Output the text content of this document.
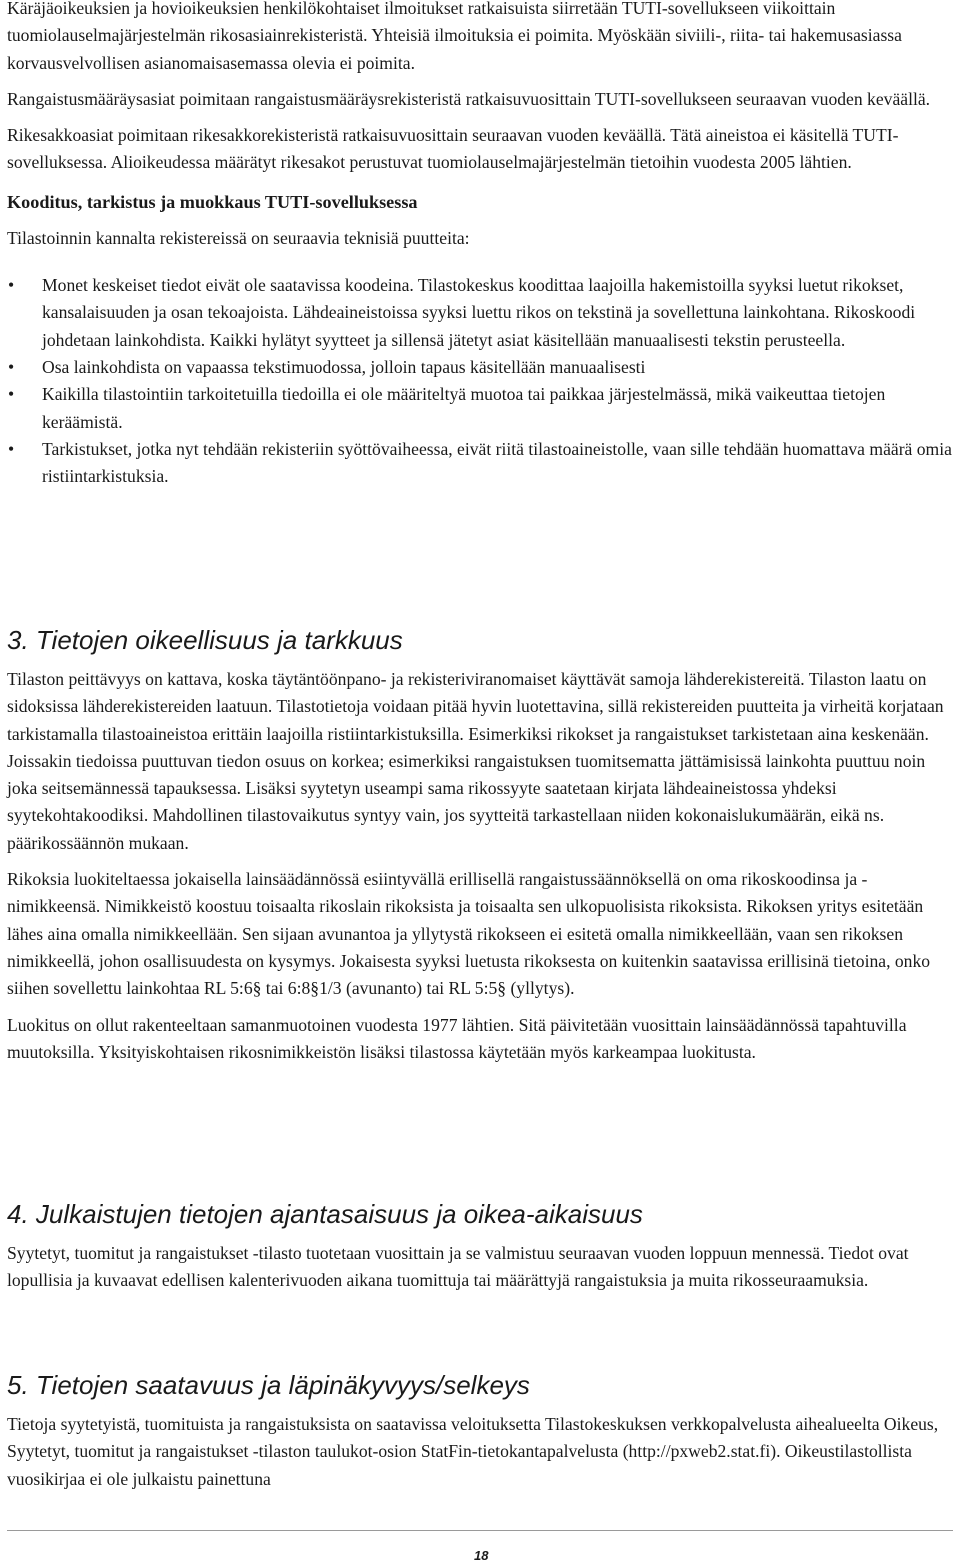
Käräjäoikeuksien ja hovioikeuksien henkilökohtaiset ilmoitukset ratkaisuista siirretään TUTI-sovellukseen viikoittain tuomiolauselmajärjestelmän rikosasiainrekisteristä. Yhteisiä ilmoituksia ei poimita. Myöskään siviili-, riita- tai hakemusasiassa korvausvelvollisen asianomaisasemassa olevia ei poimita.

Rangaistusmääräysasiat poimitaan rangaistusmääräysrekisteristä ratkaisuvuosittain TUTI-sovellukseen seuraavan vuoden keväällä.

Rikesakkoasiat poimitaan rikesakkorekisteristä ratkaisuvuosittain seuraavan vuoden keväällä. Tätä aineistoa ei käsitellä TUTI-sovelluksessa. Alioikeudessa määrätyt rikesakot perustuvat tuomiolauselmajärjestelmän tietoihin vuodesta 2005 lähtien.

Kooditus, tarkistus ja muokkaus TUTI-sovelluksessa

Tilastoinnin kannalta rekistereissä on seuraavia teknisiä puutteita:

• Monet keskeiset tiedot eivät ole saatavissa koodeina. Tilastokeskus koodittaa laajoilla hakemistoilla syyksi luetut rikokset, kansalaisuuden ja osan tekoajoista. Lähdeaineistoissa syyksi luettu rikos on tekstinä ja sovellettuna lainkohtana. Rikoskoodi johdetaan lainkohdista. Kaikki hylätyt syytteet ja sillensä jätetyt asiat käsitellään manuaalisesti tekstin perusteella.
• Osa lainkohdista on vapaassa tekstimuodossa, jolloin tapaus käsitellään manuaalisesti
• Kaikilla tilastointiin tarkoitetuilla tiedoilla ei ole määriteltyä muotoa tai paikkaa järjestelmässä, mikä vaikeuttaa tietojen keräämistä.
• Tarkistukset, jotka nyt tehdään rekisteriin syöttövaiheessa, eivät riitä tilastoaineistolle, vaan sille tehdään huomattava määrä omia ristiintarkistuksia.
3. Tietojen oikeellisuus ja tarkkuus

Tilaston peittävyys on kattava, koska täytäntöönpano- ja rekisteriviranomaiset käyttävät samoja lähderekistereitä. Tilaston laatu on sidoksissa lähderekistereiden laatuun. Tilastotietoja voidaan pitää hyvin luotettavina, sillä rekistereiden puutteita ja virheitä korjataan tarkistamalla tilastoaineistoa erittäin laajoilla ristiintarkistuksilla. Esimerkiksi rikokset ja rangaistukset tarkistetaan aina keskenään. Joissakin tiedoissa puuttuvan tiedon osuus on korkea; esimerkiksi rangaistuksen tuomitsematta jättämisissä lainkohta puuttuu noin joka seitsemännessä tapauksessa. Lisäksi syytetyn useampi sama rikossyyte saatetaan kirjata lähdeaineistossa yhdeksi syytekohtakoodiksi. Mahdollinen tilastovaikutus syntyy vain, jos syytteitä tarkastellaan niiden kokonaislukumäärän, eikä ns. päärikossäännön mukaan.

Rikoksia luokiteltaessa jokaisella lainsäädännössä esiintyvällä erillisellä rangaistussäännöksellä on oma rikoskoodinsa ja -nimikkeensä. Nimikkeistö koostuu toisaalta rikoslain rikoksista ja toisaalta sen ulkopuolisista rikoksista. Rikoksen yritys esitetään lähes aina omalla nimikkeellään. Sen sijaan avunantoa ja yllytystä rikokseen ei esitetä omalla nimikkeellään, vaan sen rikoksen nimikkeellä, johon osallisuudesta on kysymys. Jokaisesta syyksi luetusta rikoksesta on kuitenkin saatavissa erillisinä tietoina, onko siihen sovellettu lainkohtaa RL 5:6§ tai 6:8§1/3 (avunanto) tai RL 5:5§ (yllytys).

Luokitus on ollut rakenteeltaan samanmuotoinen vuodesta 1977 lähtien. Sitä päivitetään vuosittain lainsäädännössä tapahtuvilla muutoksilla. Yksityiskohtaisen rikosnimikkeistön lisäksi tilastossa käytetään myös karkeampaa luokitusta.

4. Julkaistujen tietojen ajantasaisuus ja oikea-aikaisuus

Syytetyt, tuomitut ja rangaistukset -tilasto tuotetaan vuosittain ja se valmistuu seuraavan vuoden loppuun mennessä. Tiedot ovat lopullisia ja kuvaavat edellisen kalenterivuoden aikana tuomittuja tai määrättyjä rangaistuksia ja muita rikosseuraamuksia.

5. Tietojen saatavuus ja läpinäkyvyys/selkeys

Tietoja syytetyistä, tuomituista ja rangaistuksista on saatavissa veloituksetta Tilastokeskuksen verkkopalvelusta aihealueelta Oikeus, Syytetyt, tuomitut ja rangaistukset -tilaston taulukot-osion StatFin-tietokantapalvelusta (http://pxweb2.stat.fi). Oikeustilastollista vuosikirjaa ei ole julkaistu painettuna

18
